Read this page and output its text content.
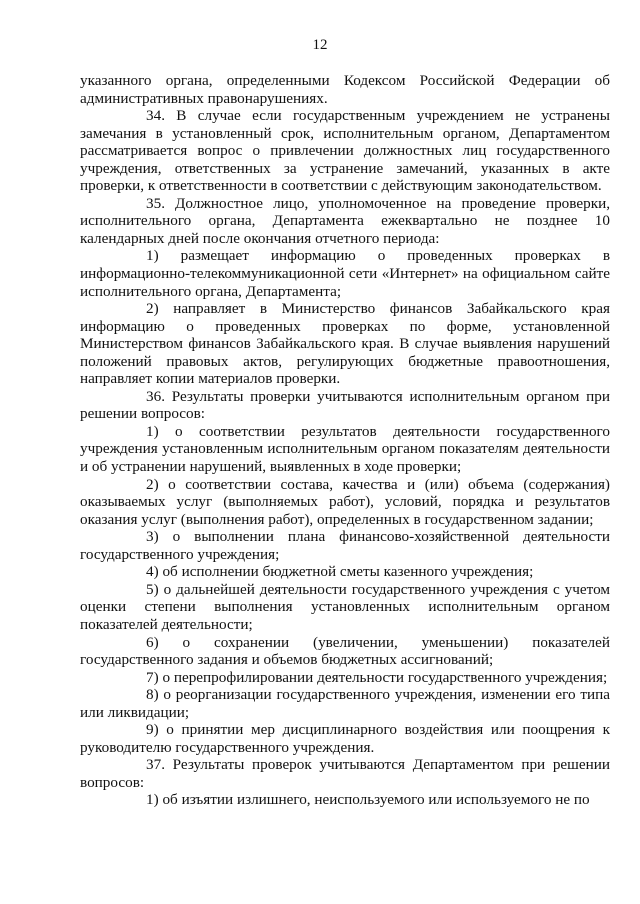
12

указанного органа, определенными Кодексом Российской Федерации об административных правонарушениях.

34. В случае если государственным учреждением не устранены замечания в установленный срок, исполнительным органом, Департаментом рассматривается вопрос о привлечении должностных лиц государственного учреждения, ответственных за устранение замечаний, указанных в акте проверки, к ответственности в соответствии с действующим законодательством.

35. Должностное лицо, уполномоченное на проведение проверки, исполнительного органа, Департамента ежеквартально не позднее 10 календарных дней после окончания отчетного периода:

1) размещает информацию о проведенных проверках в информационно-телекоммуникационной сети «Интернет» на официальном сайте исполнительного органа, Департамента;

2) направляет в Министерство финансов Забайкальского края информацию о проведенных проверках по форме, установленной Министерством финансов Забайкальского края. В случае выявления нарушений положений правовых актов, регулирующих бюджетные правоотношения, направляет копии материалов проверки.

36. Результаты проверки учитываются исполнительным органом при решении вопросов:

1) о соответствии результатов деятельности государственного учреждения установленным исполнительным органом показателям деятельности и об устранении нарушений, выявленных в ходе проверки;

2) о соответствии состава, качества и (или) объема (содержания) оказываемых услуг (выполняемых работ), условий, порядка и результатов оказания услуг (выполнения работ), определенных в государственном задании;

3) о выполнении плана финансово-хозяйственной деятельности государственного учреждения;

4) об исполнении бюджетной сметы казенного учреждения;

5) о дальнейшей деятельности государственного учреждения с учетом оценки степени выполнения установленных исполнительным органом показателей деятельности;

6) о сохранении (увеличении, уменьшении) показателей государственного задания и объемов бюджетных ассигнований;

7) о перепрофилировании деятельности государственного учреждения;

8) о реорганизации государственного учреждения, изменении его типа или ликвидации;

9) о принятии мер дисциплинарного воздействия или поощрения к руководителю государственного учреждения.

37. Результаты проверок учитываются Департаментом при решении вопросов:

1) об изъятии излишнего, неиспользуемого или используемого не по
